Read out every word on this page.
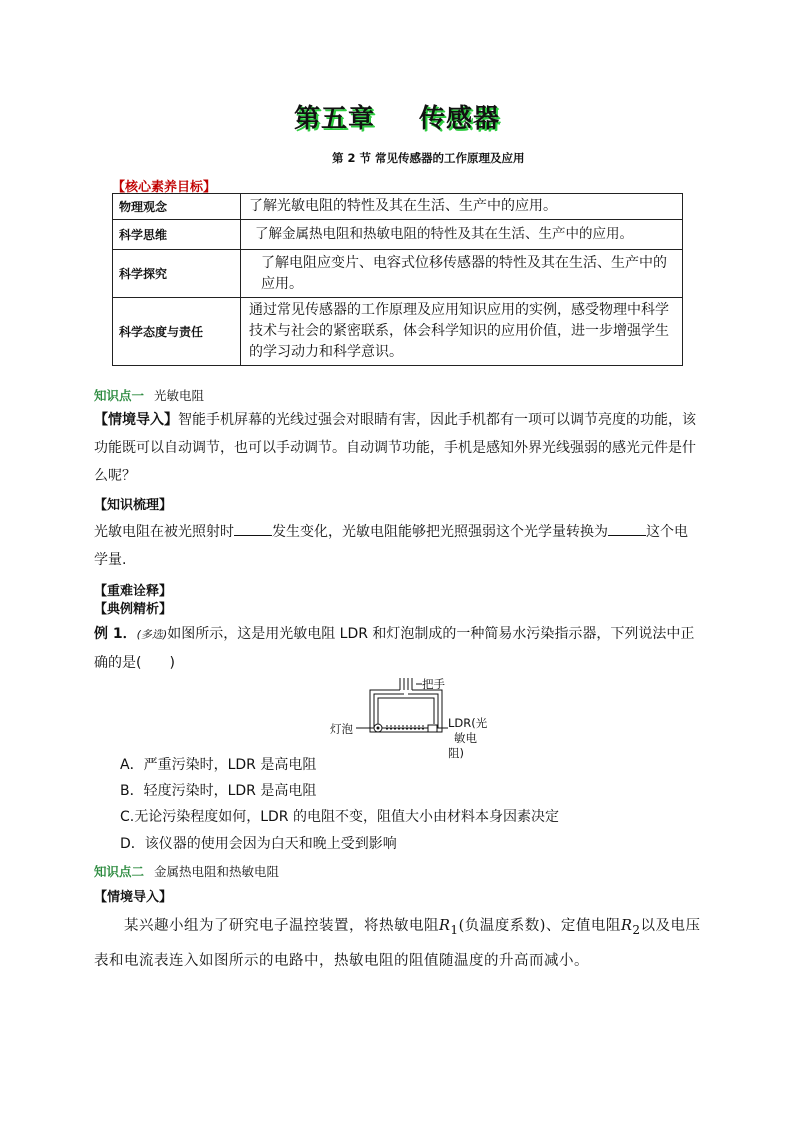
第五章 传感器
第 2 节 常见传感器的工作原理及应用
【核心素养目标】
物理观念	了解光敏电阻的特性及其在生活、生产中的应用。
科学思维	了解金属热电阻和热敏电阻的特性及其在生活、生产中的应用。
科学探究	了解电阻应变片、电容式位移传感器的特性及其在生活、生产中的应用。
科学态度与责任	通过常见传感器的工作原理及应用知识应用的实例，感受物理中科学技术与社会的紧密联系，体会科学知识的应用价值，进一步增强学生的学习动力和科学意识。
知识点一 光敏电阻
【情境导入】智能手机屏幕的光线过强会对眼睛有害，因此手机都有一项可以调节亮度的功能，该功能既可以自动调节，也可以手动调节。自动调节功能，手机是感知外界光线强弱的感光元件是什么呢？
【知识梳理】
光敏电阻在被光照射时	发生变化，光敏电阻能够把光照强弱这个光学量转换为	这个电学量.
【重难诠释】
【典例精析】
例 1．(多选)如图所示，这是用光敏电阻 LDR 和灯泡制成的一种简易水污染指示器，下列说法中正确的是(　　)
把手
灯泡	LDR(光
敏电阻)
A．严重污染时，LDR 是高电阻
B．轻度污染时，LDR 是高电阻
C.无论污染程度如何，LDR 的电阻不变，阻值大小由材料本身因素决定
D．该仪器的使用会因为白天和晚上受到影响
知识点二 金属热电阻和热敏电阻
【情境导入】
某兴趣小组为了研究电子温控装置，将热敏电阻$R_1$(负温度系数)、定值电阻$R_2$以及电压表和电流表连入如图所示的电路中，热敏电阻的阻值随温度的升高而减小。
